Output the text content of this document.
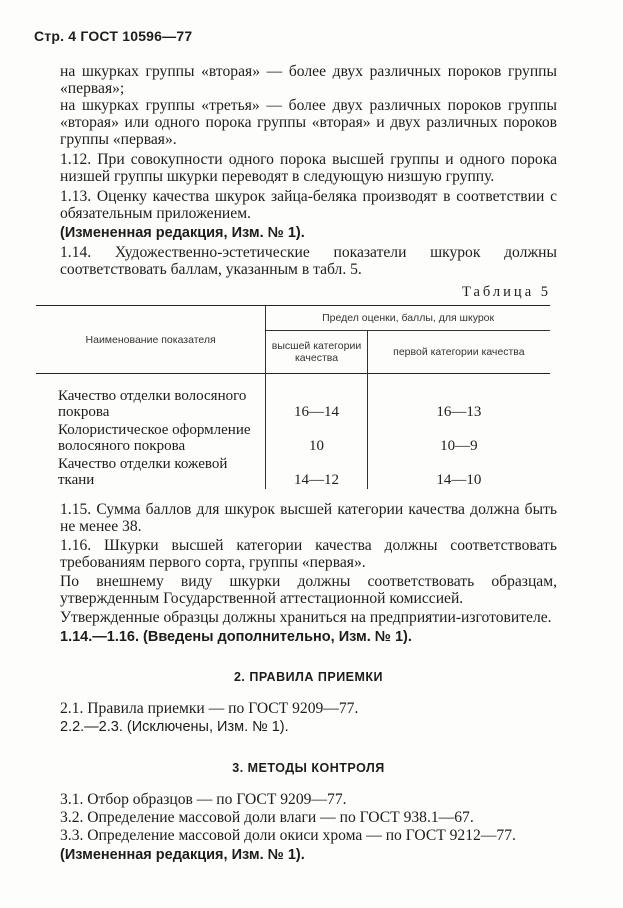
Стр. 4 ГОСТ 10596—77

на шкурках группы «вторая» — более двух различных пороков группы «первая»;

на шкурках группы «третья» — более двух различных пороков группы «вторая» или одного порока группы «вторая» и двух различных пороков группы «первая».

1.12. При совокупности одного порока высшей группы и одного порока низшей группы шкурки переводят в следующую низшую группу.

1.13. Оценку качества шкурок зайца-беляка производят в соответствии с обязательным приложением.

(Измененная редакция, Изм. № 1).

1.14. Художественно-эстетические показатели шкурок должны соответствовать баллам, указанным в табл. 5.

Таблица 5
Наименование показателя	Предел оценки, баллы, для шкурок	
	высшей категории качества	первой категории качества

Качество отделки волосяного покрова	16—14	16—13
Колористическое оформление волосяного покрова	10	10—9
Качество отделки кожевой ткани	14—12	14—10

1.15. Сумма баллов для шкурок высшей категории качества должна быть не менее 38.

1.16. Шкурки высшей категории качества должны соответствовать требованиям первого сорта, группы «первая».

По внешнему виду шкурки должны соответствовать образцам, утвержденным Государственной аттестационной комиссией.

Утвержденные образцы должны храниться на предприятии-изготовителе.

1.14.—1.16. (Введены дополнительно, Изм. № 1).

2. ПРАВИЛА ПРИЕМКИ

2.1. Правила приемки — по ГОСТ 9209—77.

2.2.—2.3. (Исключены, Изм. № 1).

3. МЕТОДЫ КОНТРОЛЯ

3.1. Отбор образцов — по ГОСТ 9209—77.

3.2. Определение массовой доли влаги — по ГОСТ 938.1—67.

3.3. Определение массовой доли окиси хрома — по ГОСТ 9212—77.

(Измененная редакция, Изм. № 1).
